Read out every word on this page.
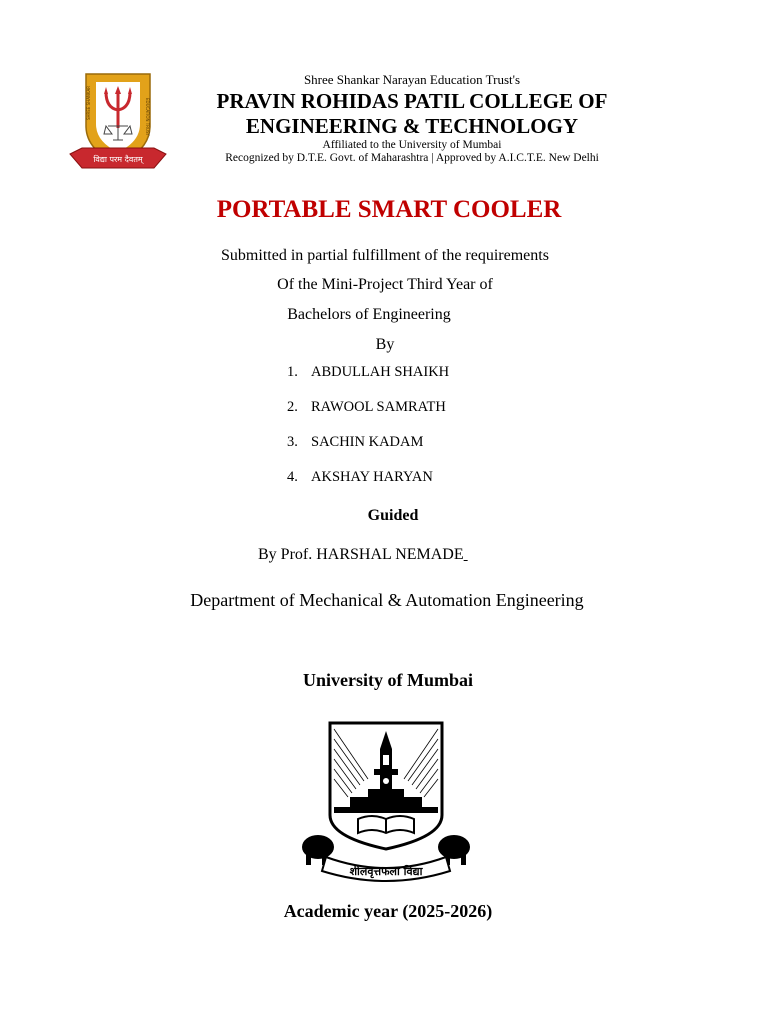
SHREE SHANKAR	EDUCATION TRUST
विद्या परम दैवतम्
Shree Shankar Narayan Education Trust's
PRAVIN ROHIDAS PATIL COLLEGE OF
ENGINEERING & TECHNOLOGY
Affiliated to the University of Mumbai
Recognized by D.T.E. Govt. of Maharashtra | Approved by A.I.C.T.E. New Delhi
PORTABLE SMART COOLER
Submitted in partial fulfillment of the requirements
Of the Mini-Project Third Year of
Bachelors of Engineering
By
1. ABDULLAH SHAIKH
2. RAWOOL SAMRATH
3. SACHIN KADAM
4. AKSHAY HARYAN
Guided
By Prof. HARSHAL NEMADE
Department of Mechanical & Automation Engineering
University of Mumbai
शीलवृत्तफला विद्या
Academic year (2025-2026)
